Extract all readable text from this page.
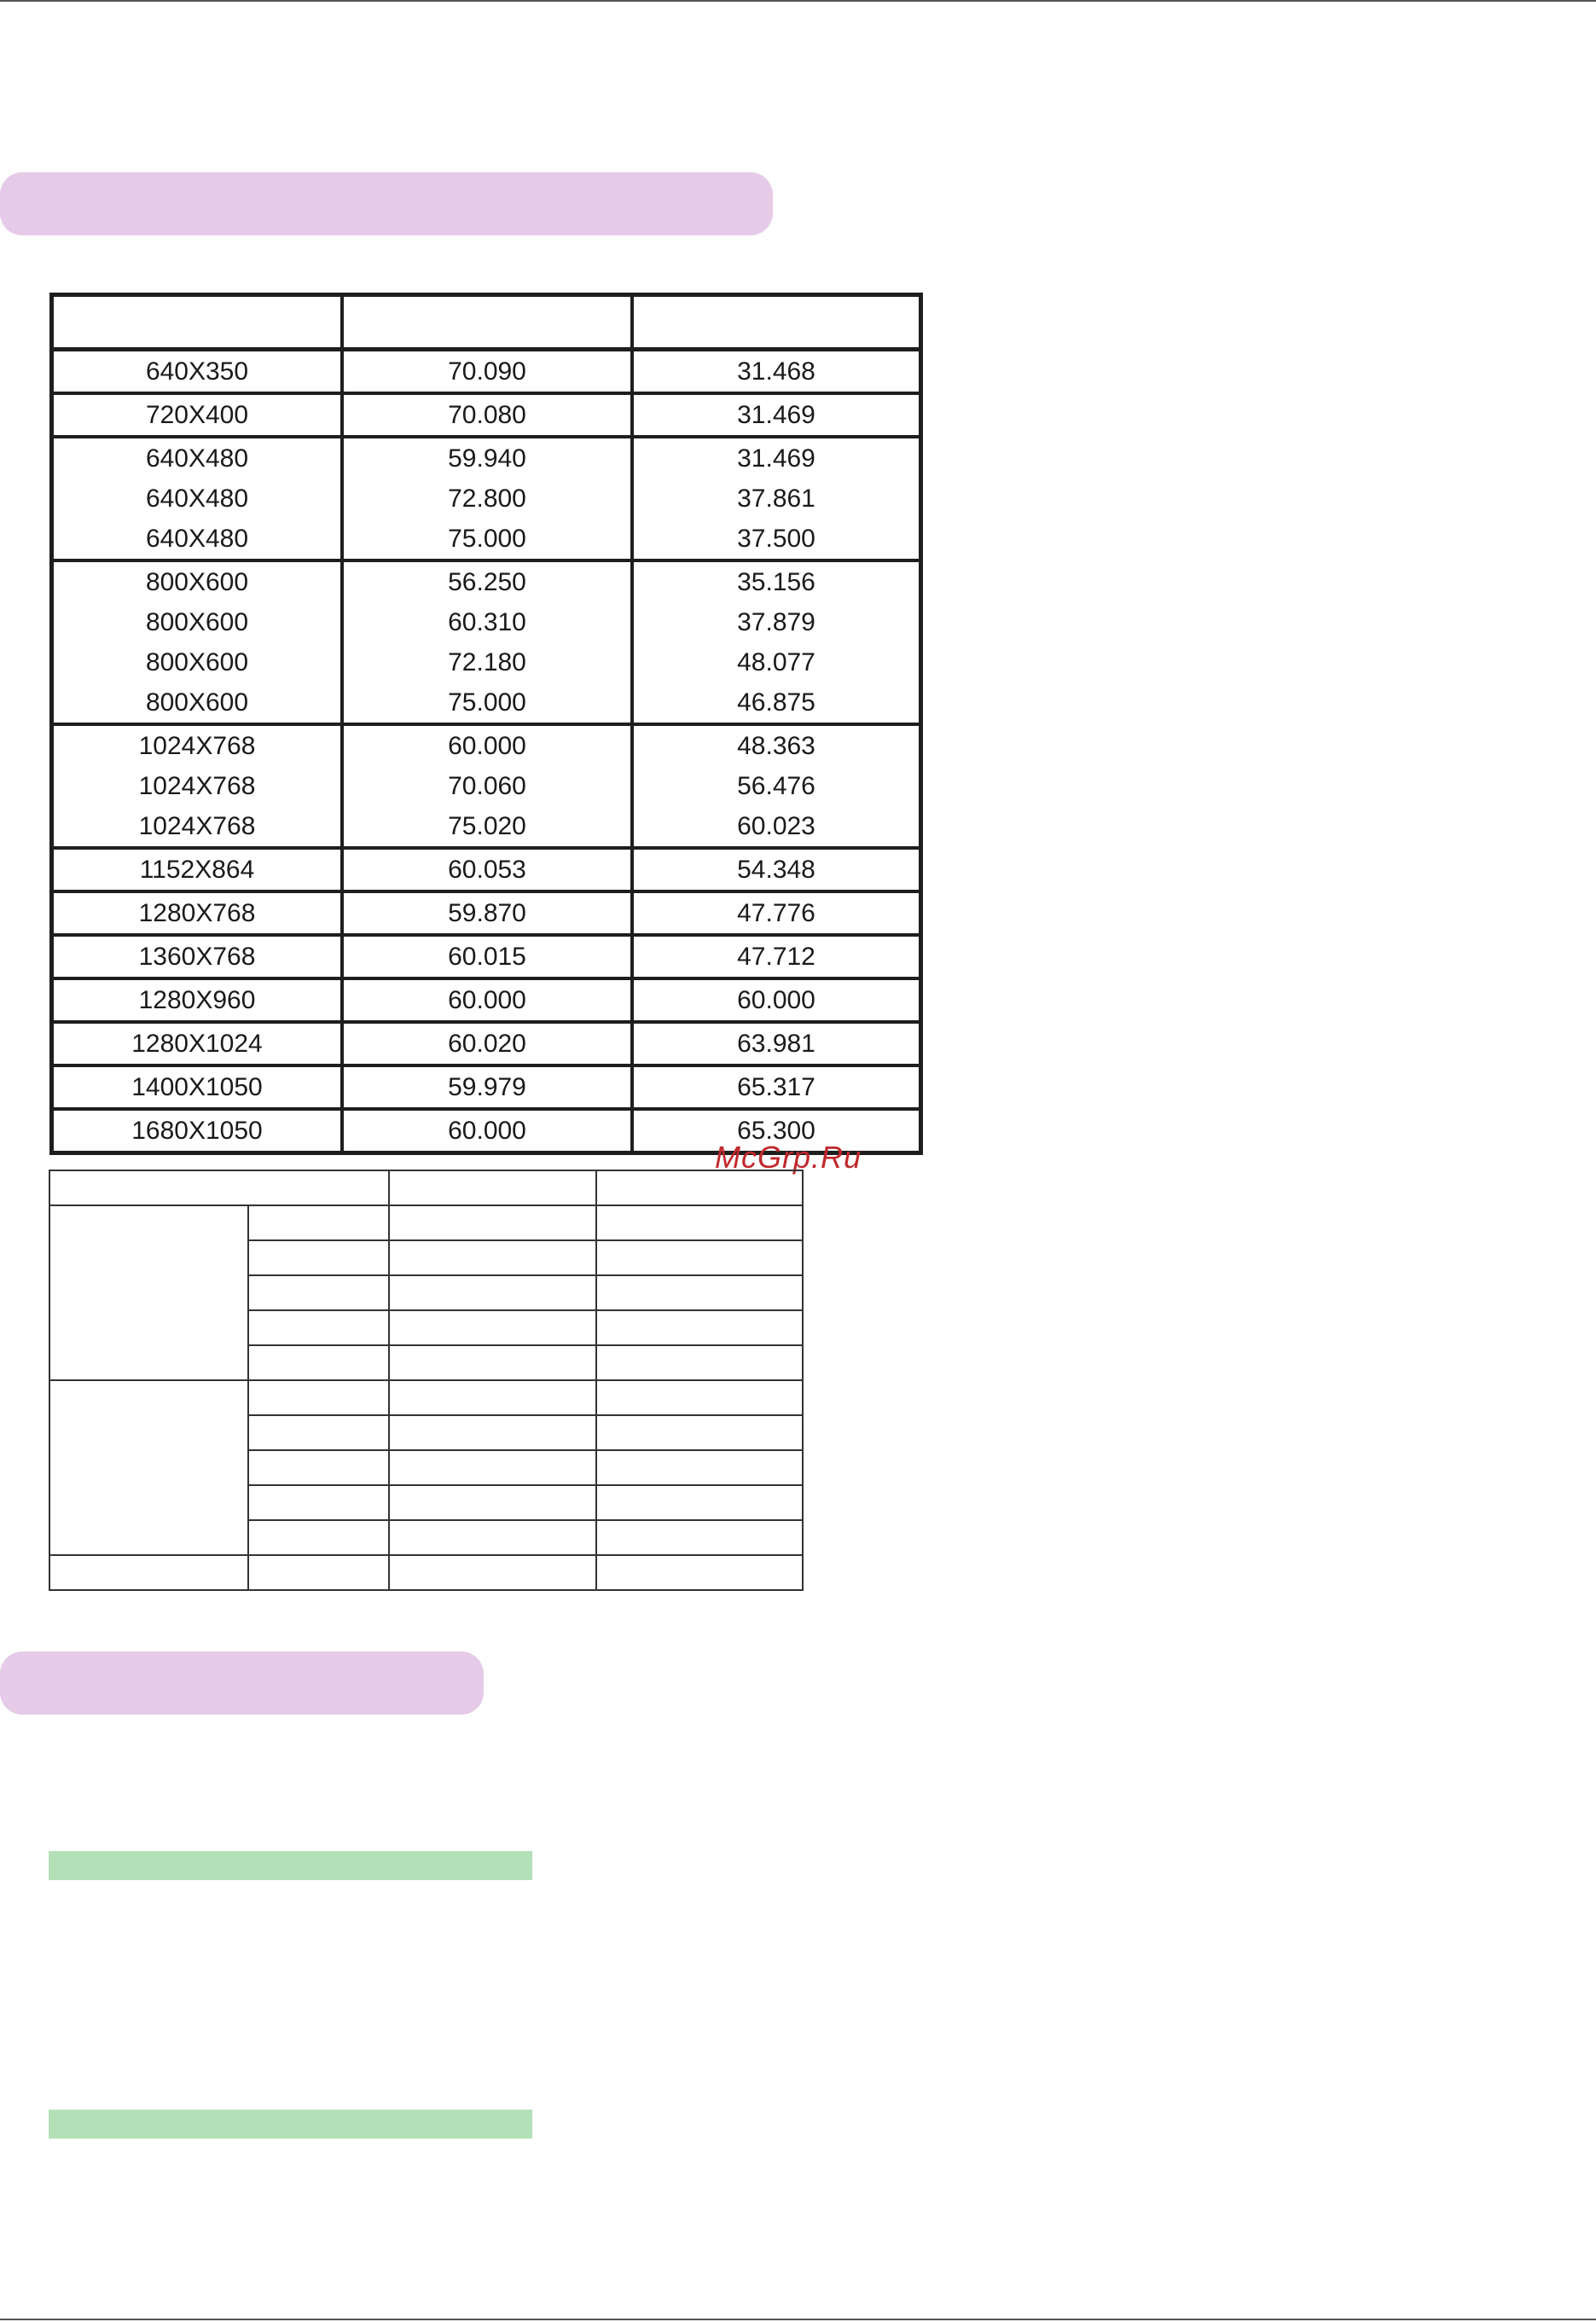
640X350	70.090	31.468
720X400	70.080	31.469
640X480	59.940	31.469
640X480	72.800	37.861
640X480	75.000	37.500
800X600	56.250	35.156
800X600	60.310	37.879
800X600	72.180	48.077
800X600	75.000	46.875
1024X768	60.000	48.363
1024X768	70.060	56.476
1024X768	75.020	60.023
1152X864	60.053	54.348
1280X768	59.870	47.776
1360X768	60.015	47.712
1280X960	60.000	60.000
1280X1024	60.020	63.981
1400X1050	59.979	65.317
1680X1050	60.000	65.300
McGrp.Ru
